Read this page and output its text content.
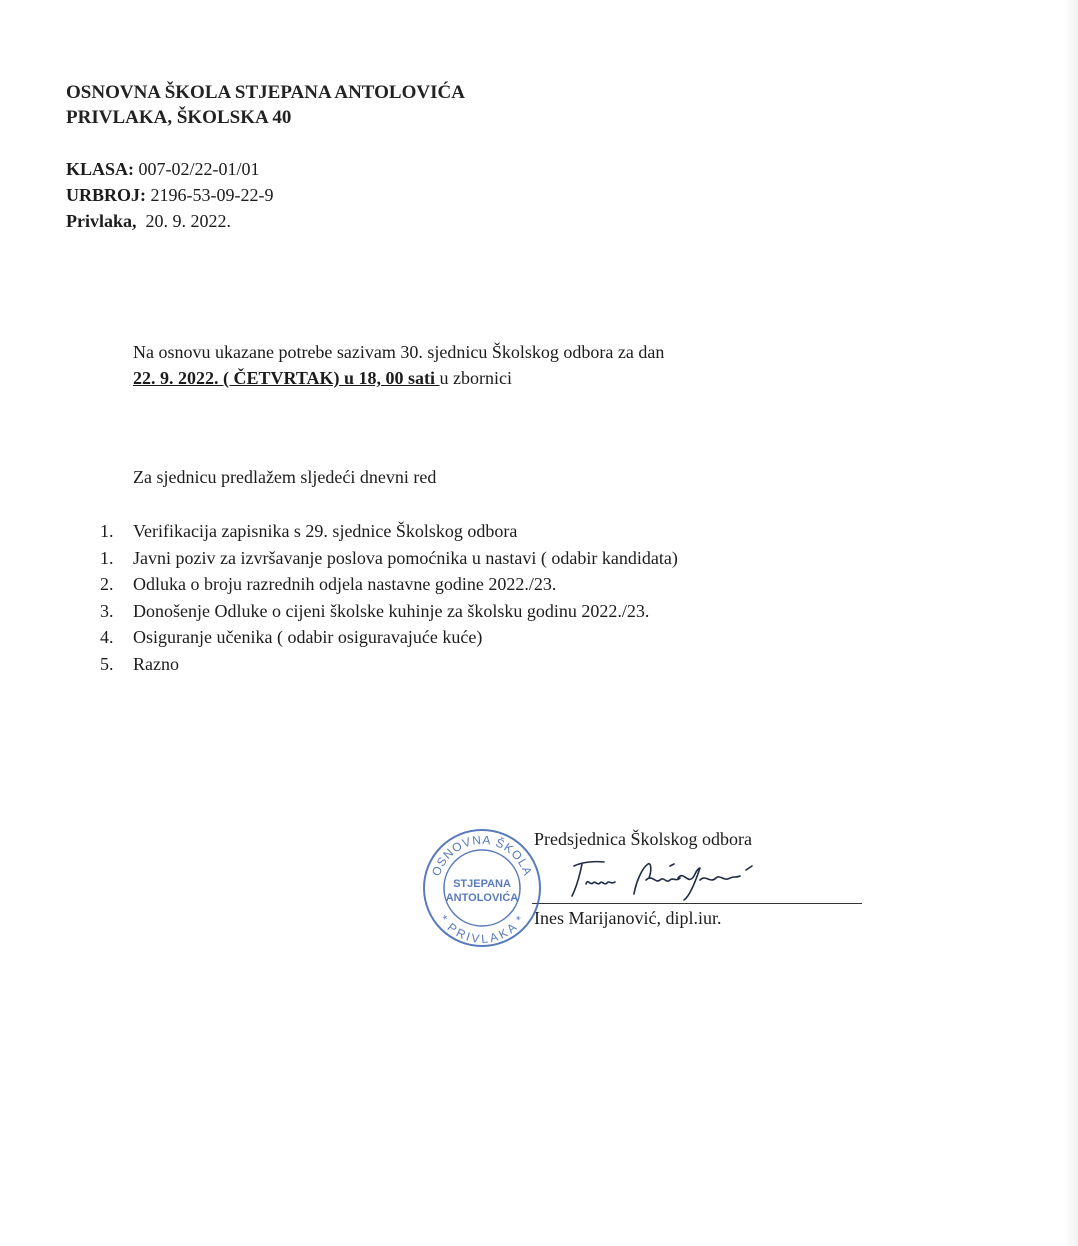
OSNOVNA ŠKOLA STJEPANA ANTOLOVIĆA
PRIVLAKA, ŠKOLSKA 40
KLASA: 007-02/22-01/01
URBROJ: 2196-53-09-22-9
Privlaka, 20. 9. 2022.
Na osnovu ukazane potrebe sazivam 30. sjednicu Školskog odbora za dan
22. 9. 2022. ( ČETVRTAK) u 18, 00 sati u zbornici
Za sjednicu predlažem sljedeći dnevni red
1.	Verifikacija zapisnika s 29. sjednice Školskog odbora
1.	Javni poziv za izvršavanje poslova pomoćnika u nastavi ( odabir kandidata)
2.	Odluka o broju razrednih odjela nastavne godine 2022./23.
3.	Donošenje Odluke o cijeni školske kuhinje za školsku godinu 2022./23.
4.	Osiguranje učenika ( odabir osiguravajuće kuće)
5.	Razno
Predsjednica Školskog odbora
Ines Marijanović, dipl.iur.
OSNOVNA ŠKOLA
* PRIVLAKA *
STJEPANA
ANTOLOVIĆA
